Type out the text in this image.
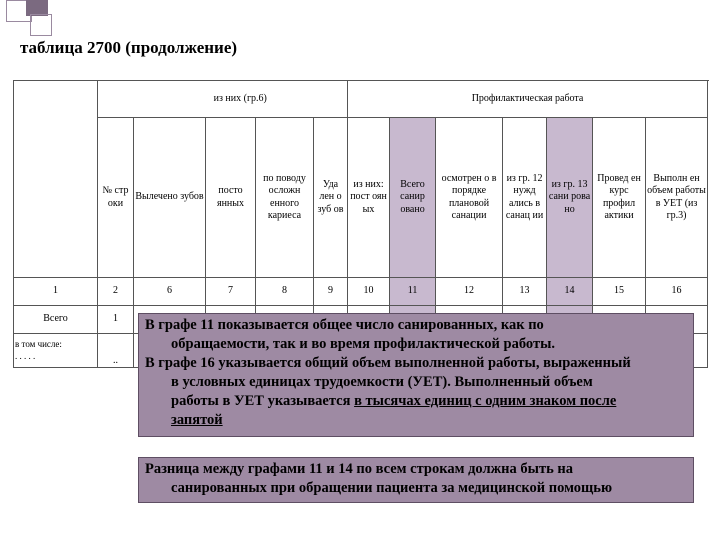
таблица 2700 (продолжение)
		из них (гр.6)				Профилактическая работа						
	№ стр оки	Вылечено зубов	посто янных	по поводу осложн енного кариеса	Уда лен о зуб ов	из них: пост оян ых	Всего санир овано	осмотрен о в порядке плановой санации	из гр. 12 нужд ались в санац ии	из гр. 13 сани рова но	Провед ен курс профил актики	Выполн ен объем работы в УЕТ (из гр.3)

1	2	6	7	8	9	10	11	12	13	14	15	16
Всего	1											

в том числе:
. . . . .	..											

В графе 11 показывается общее число санированных, как по

обращаемости, так и во время профилактической работы.

В графе 16 указывается общий объем выполненной работы, выраженный

в условных единицах трудоемкости (УЕТ). Выполненный объем

работы в УЕТ указывается в тысячах единиц с одним знаком после

запятой

Разница между графами 11 и 14 по всем строкам должна быть на

санированных при обращении пациента за медицинской помощью
